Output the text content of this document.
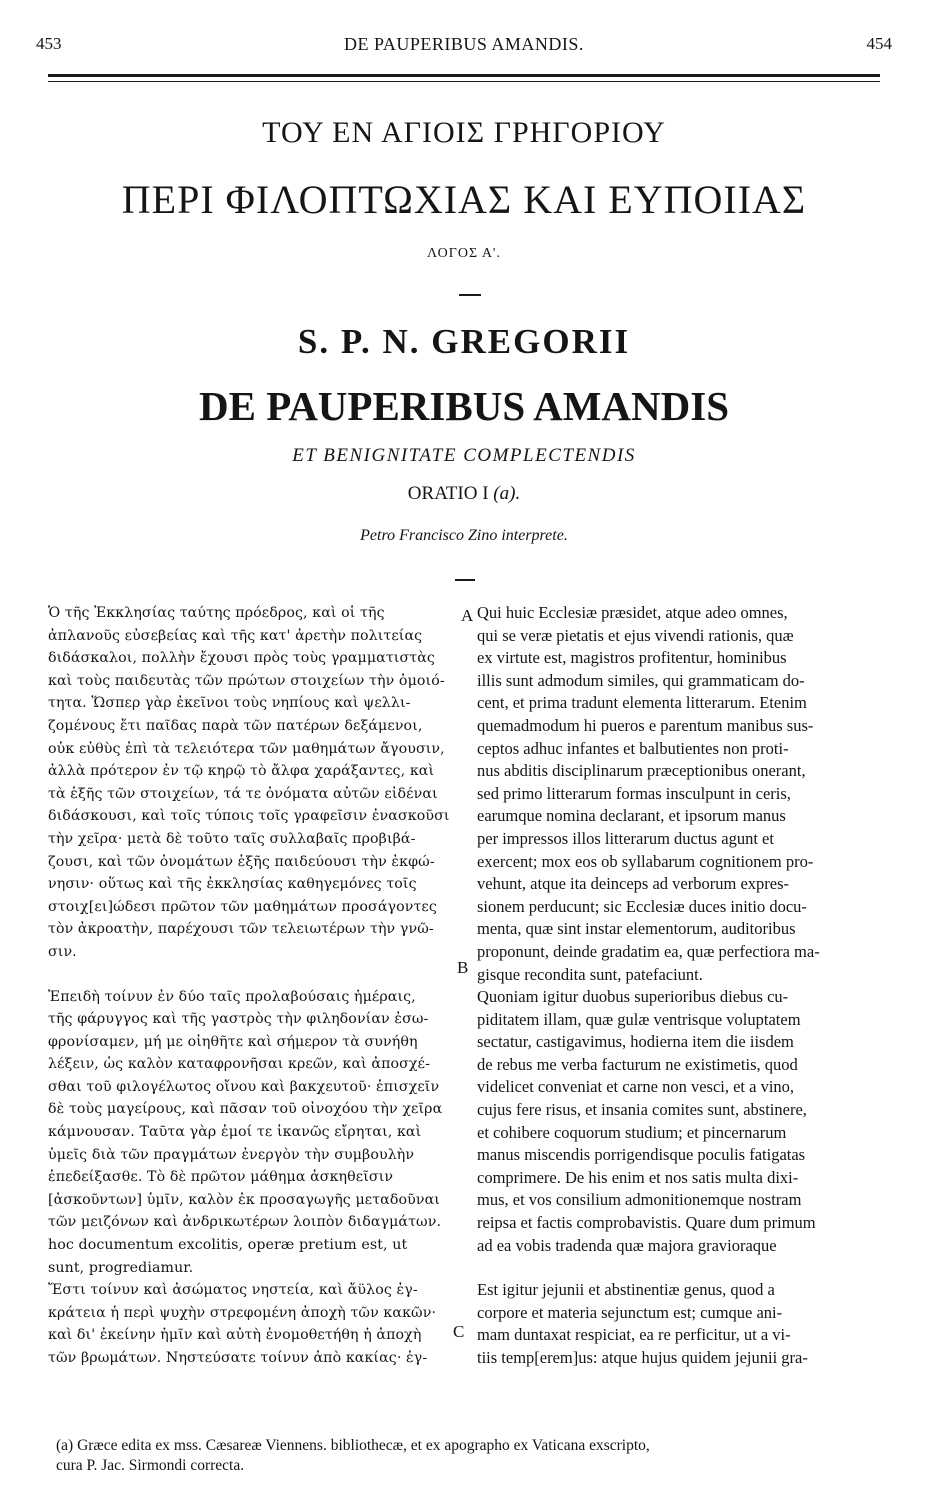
453	DE PAUPERIBUS AMANDIS.	454
ΤΟΥ ΕΝ ΑΓΙΟΙΣ ΓΡΗΓΟΡΙΟΥ
ΠΕΡΙ ΦΙΛΟΠΤΩΧΙΑΣ ΚΑΙ ΕΥΠΟΙΙΑΣ
ΛΟΓΟΣ Α'.
S. P. N. GREGORII
DE PAUPERIBUS AMANDIS
ET BENIGNITATE COMPLECTENDIS
ORATIO I (a).
Petro Francisco Zino interprete.

Ὁ τῆς Ἐκκλησίας ταύτης πρόεδρος, καὶ οἱ τῆς
ἀπλανοῦς εὐσεβείας καὶ τῆς κατ' ἀρετὴν πολιτείας
διδάσκαλοι, πολλὴν ἔχουσι πρὸς τοὺς γραμματιστὰς
καὶ τοὺς παιδευτὰς τῶν πρώτων στοιχείων τὴν ὁμοιό-
τητα. Ὥσπερ γὰρ ἐκεῖνοι τοὺς νηπίους καὶ ψελλι-
ζομένους ἔτι παῖδας παρὰ τῶν πατέρων δεξάμενοι,
οὐκ εὐθὺς ἐπὶ τὰ τελειότερα τῶν μαθημάτων ἄγουσιν,
ἀλλὰ πρότερον ἐν τῷ κηρῷ τὸ ἄλφα χαράξαντες, καὶ
τὰ ἑξῆς τῶν στοιχείων, τά τε ὀνόματα αὐτῶν εἰδέναι
διδάσκουσι, καὶ τοῖς τύποις τοῖς γραφεῖσιν ἐνασκοῦσι
τὴν χεῖρα· μετὰ δὲ τοῦτο ταῖς συλλαβαῖς προβιβά-
ζουσι, καὶ τῶν ὀνομάτων ἑξῆς παιδεύουσι τὴν ἐκφώ-
νησιν· οὕτως καὶ τῆς ἐκκλησίας καθηγεμόνες τοῖς
στοιχ[ει]ώδεσι πρῶτον τῶν μαθημάτων προσάγοντες
τὸν ἀκροατὴν, παρέχουσι τῶν τελειωτέρων τὴν γνῶ-
σιν.

Ἐπειδὴ τοίνυν ἐν δύο ταῖς προλαβούσαις ἡμέραις,
τῆς φάρυγγος καὶ τῆς γαστρὸς τὴν φιληδονίαν ἐσω-
φρονίσαμεν, μή με οἰηθῆτε καὶ σήμερον τὰ συνήθη
λέξειν, ὡς καλὸν καταφρονῆσαι κρεῶν, καὶ ἀποσχέ-
σθαι τοῦ φιλογέλωτος οἴνου καὶ βακχευτοῦ· ἐπισχεῖν
δὲ τοὺς μαγείρους, καὶ πᾶσαν τοῦ οἰνοχόου τὴν χεῖρα
κάμνουσαν. Ταῦτα γὰρ ἐμοί τε ἱκανῶς εἴρηται, καὶ
ὑμεῖς διὰ τῶν πραγμάτων ἐνεργὸν τὴν συμβουλὴν
ἐπεδείξασθε. Τὸ δὲ πρῶτον μάθημα ἀσκηθεῖσιν
[ἀσκοῦντων] ὑμῖν, καλὸν ἐκ προσαγωγῆς μεταδοῦναι
τῶν μειζόνων καὶ ἀνδρικωτέρων λοιπὸν διδαγμάτων.
hoc documentum excolitis, operæ pretium est, ut
sunt, progrediamur.

Ἔστι τοίνυν καὶ ἀσώματος νηστεία, καὶ ἄϋλος ἐγ-
κράτεια ἡ περὶ ψυχὴν στρεφομένη ἀποχὴ τῶν κακῶν·
καὶ δι' ἐκείνην ἡμῖν καὶ αὐτὴ ἐνομοθετήθη ἡ ἀποχὴ
τῶν βρωμάτων. Νηστεύσατε τοίνυν ἀπὸ κακίας· ἐγ-

A
B
C

Qui huic Ecclesiæ præsidet, atque adeo omnes,
qui se veræ pietatis et ejus vivendi rationis, quæ
ex virtute est, magistros profitentur, hominibus
illis sunt admodum similes, qui grammaticam do-
cent, et prima tradunt elementa litterarum. Etenim
quemadmodum hi pueros e parentum manibus sus-
ceptos adhuc infantes et balbutientes non proti-
nus abditis disciplinarum præceptionibus onerant,
sed primo litterarum formas insculpunt in ceris,
earumque nomina declarant, et ipsorum manus
per impressos illos litterarum ductus agunt et
exercent; mox eos ob syllabarum cognitionem pro-
vehunt, atque ita deinceps ad verborum expres-
sionem perducunt; sic Ecclesiæ duces initio docu-
menta, quæ sint instar elementorum, auditoribus
proponunt, deinde gradatim ea, quæ perfectiora ma-
gisque recondita sunt, patefaciunt.

Quoniam igitur duobus superioribus diebus cu-
piditatem illam, quæ gulæ ventrisque voluptatem
sectatur, castigavimus, hodierna item die iisdem
de rebus me verba facturum ne existimetis, quod
videlicet conveniat et carne non vesci, et a vino,
cujus fere risus, et insania comites sunt, abstinere,
et cohibere coquorum studium; et pincernarum
manus miscendis porrigendisque poculis fatigatas
comprimere. De his enim et nos satis multa dixi-
mus, et vos consilium admonitionemque nostram
reipsa et factis comprobavistis. Quare dum primum
ad ea vobis tradenda quæ majora gravioraque

Est igitur jejunii et abstinentiæ genus, quod a
corpore et materia sejunctum est; cumque ani-
mam duntaxat respiciat, ea re perficitur, ut a vi-
tiis temp[erem]us: atque hujus quidem jejunii gra-

(a) Græce edita ex mss. Cæsareæ Viennens. bibliothecæ, et ex apographo ex Vaticana exscripto,
cura P. Jac. Sirmondi correcta.
